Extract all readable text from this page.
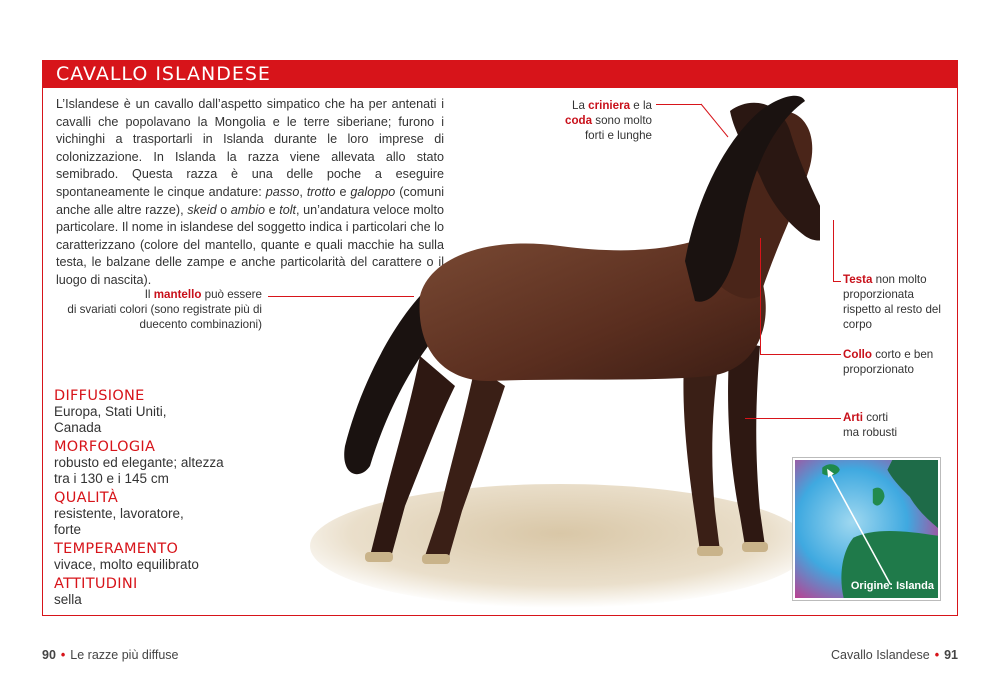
CAVALLO ISLANDESE
L’Islandese è un cavallo dall’aspetto simpatico che ha per antenati i cavalli che popolavano la Mongolia e le terre siberiane; furono i vichinghi a trasportarli in Islanda durante le loro imprese di colonizzazione. In Islanda la razza viene allevata allo stato semibrado. Questa razza è una delle poche a eseguire spontaneamente le cinque andature: passo, trotto e galoppo (comuni anche alle altre razze), skeid o ambio e tolt, un’andatura veloce molto particolare. Il nome in islandese del soggetto indica i particolari che lo caratterizzano (colore del mantello, quante e quali macchie ha sulla testa, le balzane delle zampe e anche particolarità del carattere o il luogo di nascita).
La criniera e la
coda sono molto
forti e lunghe
Il mantello può essere
di svariati colori (sono registrate più di
duecento combinazioni)
Testa non molto
proporzionata
rispetto al resto del
corpo
Collo corto e ben
proporzionato
Arti corti
ma robusti
DIFFUSIONE
Europa, Stati Uniti, Canada
MORFOLOGIA
robusto ed elegante; altezza tra i 130 e i 145 cm
QUALITÀ
resistente, lavoratore, forte
TEMPERAMENTO
vivace, molto equilibrato
ATTITUDINI
sella
Origine: Islanda
90 • Le razze più diffuse	Cavallo Islandese • 91
